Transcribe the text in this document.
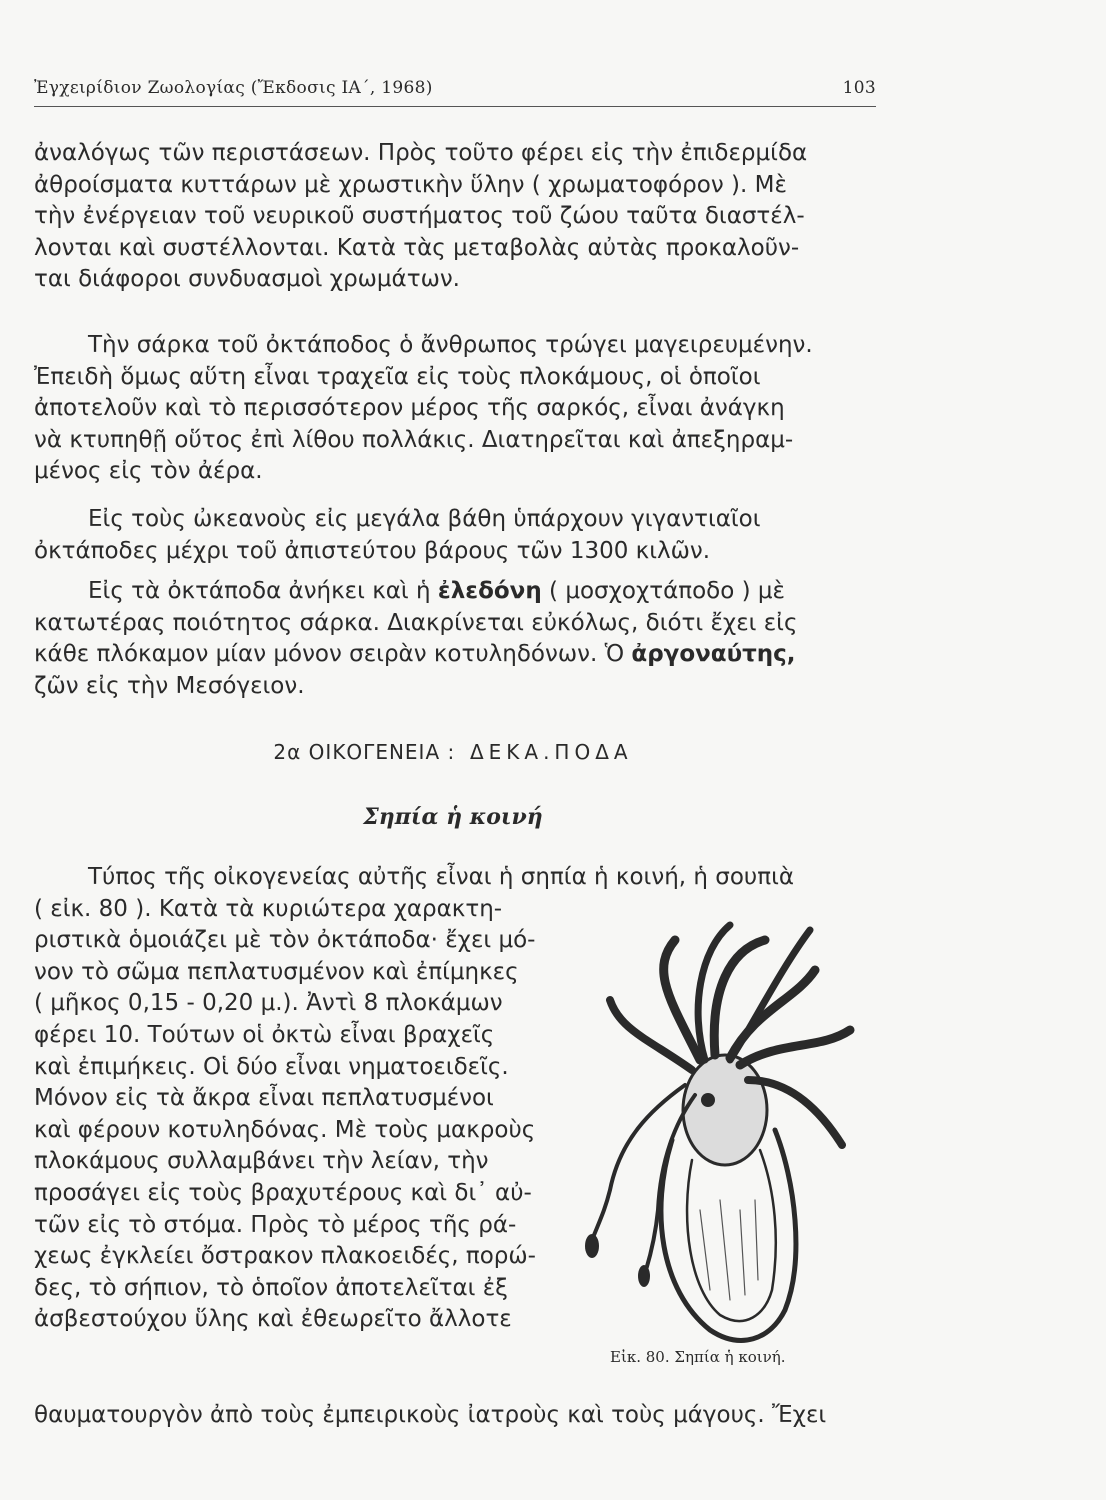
Ἐγχειρίδιον Ζωολογίας (Ἔκδοσις ΙΑ΄, 1968)	103
ἀναλόγως τῶν περιστάσεων. Πρὸς τοῦτο φέρει εἰς τὴν ἐπιδερμίδα
ἀθροίσματα κυττάρων μὲ χρωστικὴν ὕλην ( χρωματοφόρον ). Μὲ
τὴν ἐνέργειαν τοῦ νευρικοῦ συστήματος τοῦ ζώου ταῦτα διαστέλ-
λονται καὶ συστέλλονται. Κατὰ τὰς μεταβολὰς αὐτὰς προκαλοῦν-
ται διάφοροι συνδυασμοὶ χρωμάτων.
Τὴν σάρκα τοῦ ὀκτάποδος ὁ ἄνθρωπος τρώγει μαγειρευμένην.
Ἐπειδὴ ὅμως αὕτη εἶναι τραχεῖα εἰς τοὺς πλοκάμους, οἱ ὁποῖοι
ἀποτελοῦν καὶ τὸ περισσότερον μέρος τῆς σαρκός, εἶναι ἀνάγκη
νὰ κτυπηθῇ οὕτος ἐπὶ λίθου πολλάκις. Διατηρεῖται καὶ ἀπεξηραμ-
μένος εἰς τὸν ἀέρα.
Εἰς τοὺς ὠκεανοὺς εἰς μεγάλα βάθη ὑπάρχουν γιγαντιαῖοι
ὀκτάποδες μέχρι τοῦ ἀπιστεύτου βάρους τῶν 1300 κιλῶν.
Εἰς τὰ ὀκτάποδα ἀνήκει καὶ ἡ ἐλεδόνη ( μοσχοχτάποδο ) μὲ
κατωτέρας ποιότητος σάρκα. Διακρίνεται εὐκόλως, διότι ἔχει εἰς
κάθε πλόκαμον μίαν μόνον σειρὰν κοτυληδόνων. Ὁ ἀργοναύτης,
ζῶν εἰς τὴν Μεσόγειον.
2α ΟΙΚΟΓΕΝΕΙΑ : ΔΕΚΑ.ΠΟΔΑ
Σηπία ἡ κοινή
Τύπος τῆς οἰκογενείας αὐτῆς εἶναι ἡ σηπία ἡ κοινή, ἡ σουπιὰ
( εἰκ. 80 ). Κατὰ τὰ κυριώτερα χαρακτη-
ριστικὰ ὁμοιάζει μὲ τὸν ὀκτάποδα· ἔχει μό-
νον τὸ σῶμα πεπλατυσμένον καὶ ἐπίμηκες
( μῆκος 0,15 - 0,20 μ.). Ἀντὶ 8 πλοκάμων
φέρει 10. Τούτων οἱ ὀκτὼ εἶναι βραχεῖς
καὶ ἐπιμήκεις. Οἱ δύο εἶναι νηματοειδεῖς.
Μόνον εἰς τὰ ἄκρα εἶναι πεπλατυσμένοι
καὶ φέρουν κοτυληδόνας. Μὲ τοὺς μακροὺς
πλοκάμους συλλαμβάνει τὴν λείαν, τὴν
προσάγει εἰς τοὺς βραχυτέρους καὶ δι᾽ αὐ-
τῶν εἰς τὸ στόμα. Πρὸς τὸ μέρος τῆς ρά-
χεως ἐγκλείει ὄστρακον πλακοειδές, πορώ-
δες, τὸ σήπιον, τὸ ὁποῖον ἀποτελεῖται ἐξ
ἀσβεστούχου ὕλης καὶ ἐθεωρεῖτο ἄλλοτε
Εἰκ. 80. Σηπία ἡ κοινή.
θαυματουργὸν ἀπὸ τοὺς ἐμπειρικοὺς ἰατροὺς καὶ τοὺς μάγους. Ἔχει
